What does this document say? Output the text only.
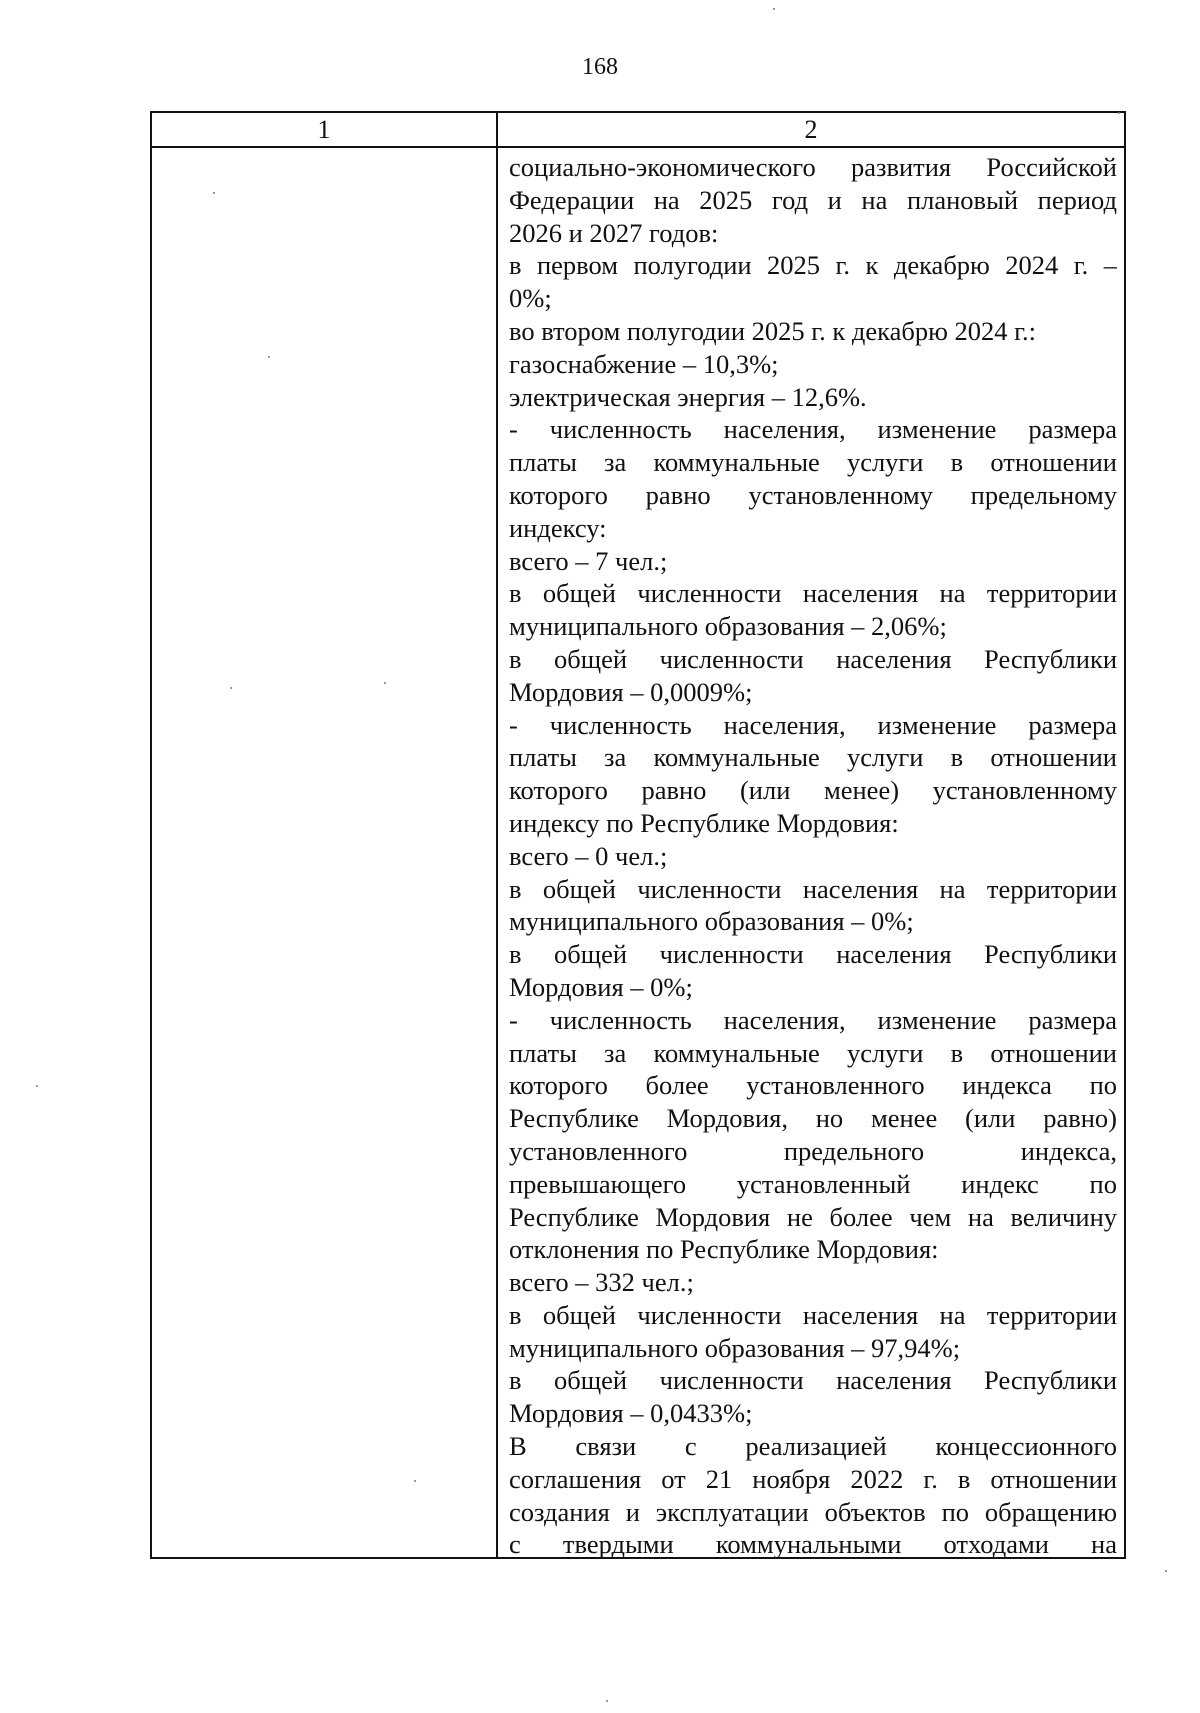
168
1	2
социально-экономического развития Российской
Федерации на 2025 год и на плановый период
2026 и 2027 годов:
в первом полугодии 2025 г. к декабрю 2024 г. –
0%;
во втором полугодии 2025 г. к декабрю 2024 г.:
газоснабжение – 10,3%;
электрическая энергия – 12,6%.
- численность населения, изменение размера
платы за коммунальные услуги в отношении
которого равно установленному предельному
индексу:
всего – 7 чел.;
в общей численности населения на территории
муниципального образования – 2,06%;
в общей численности населения Республики
Мордовия – 0,0009%;
- численность населения, изменение размера
платы за коммунальные услуги в отношении
которого равно (или менее) установленному
индексу по Республике Мордовия:
всего – 0 чел.;
в общей численности населения на территории
муниципального образования – 0%;
в общей численности населения Республики
Мордовия – 0%;
- численность населения, изменение размера
платы за коммунальные услуги в отношении
которого более установленного индекса по
Республике Мордовия, но менее (или равно)
установленного предельного индекса,
превышающего установленный индекс по
Республике Мордовия не более чем на величину
отклонения по Республике Мордовия:
всего – 332 чел.;
в общей численности населения на территории
муниципального образования – 97,94%;
в общей численности населения Республики
Мордовия – 0,0433%;
В связи с реализацией концессионного
соглашения от 21 ноября 2022 г. в отношении
создания и эксплуатации объектов по обращению
с твердыми коммунальными отходами на
